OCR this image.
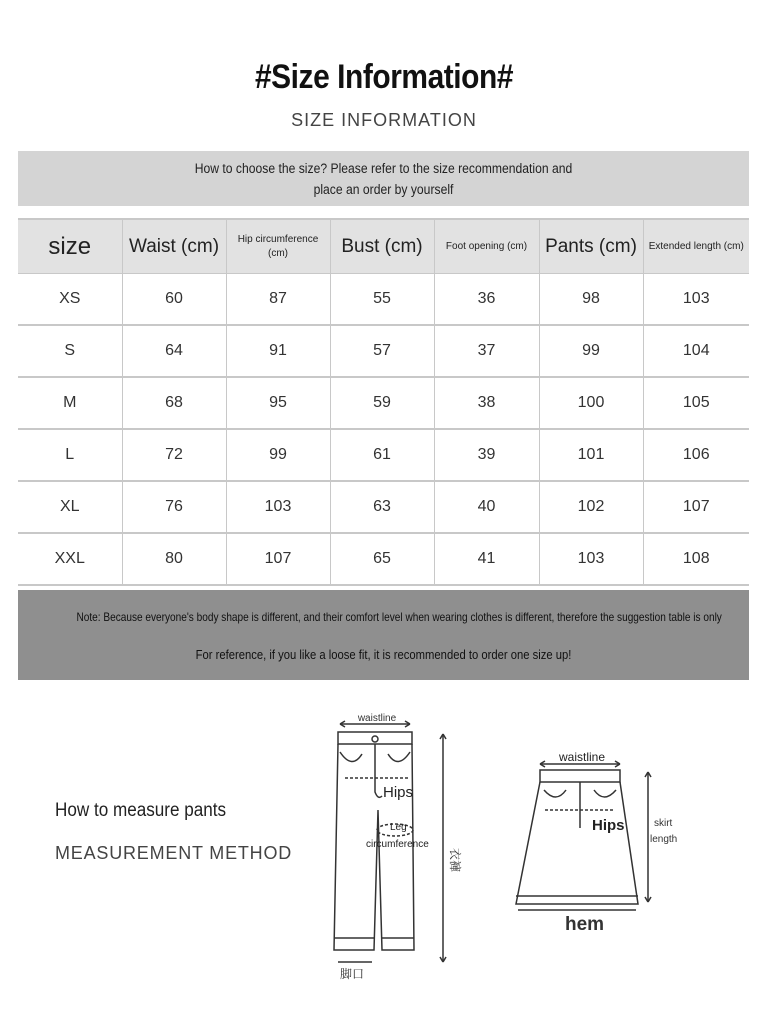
#Size Information#
SIZE INFORMATION
How to choose the size? Please refer to the size recommendation and
place an order by yourself
size	Waist (cm)	Hip circumference (cm)	Bust (cm)	Foot opening (cm)	Pants (cm)	Extended length (cm)
XS	60	87	55	36	98	103
S	64	91	57	37	99	104
M	68	95	59	38	100	105
L	72	99	61	39	101	106
XL	76	103	63	40	102	107
XXL	80	107	65	41	103	108
Note: Because everyone's body shape is different, and their comfort level when wearing clothes is different, therefore the suggestion table is only
For reference, if you like a loose fit, it is recommended to order one size up!
How to measure pants
MEASUREMENT METHOD
waistline
Hips
Leg
circumference
衣褲
脚口
waistline
Hips	skirt
length
hem
